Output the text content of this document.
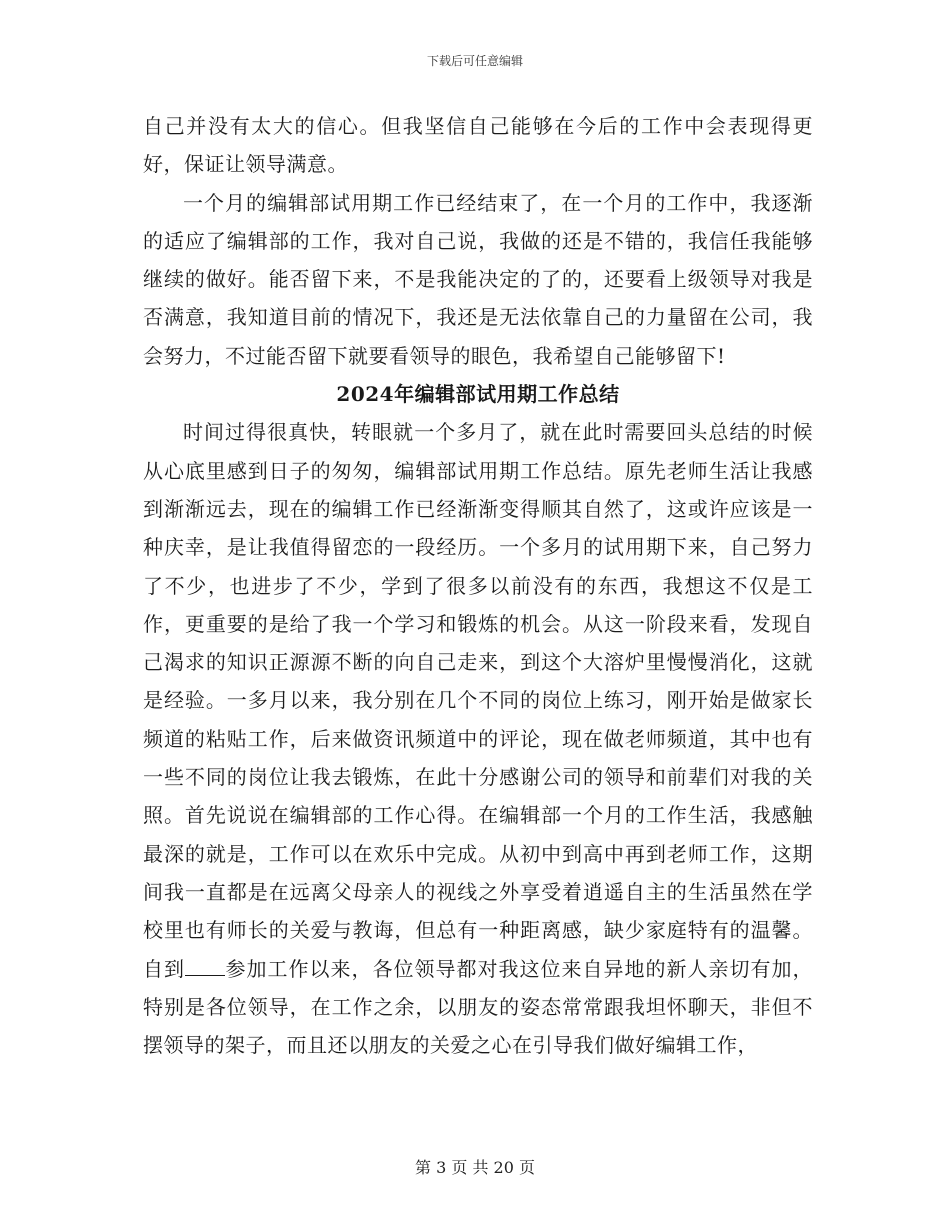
下载后可任意编辑

自己并没有太大的信心。但我坚信自己能够在今后的工作中会表现得更好，保证让领导满意。

一个月的编辑部试用期工作已经结束了，在一个月的工作中，我逐渐的适应了编辑部的工作，我对自己说，我做的还是不错的，我信任我能够继续的做好。能否留下来，不是我能决定的了的，还要看上级领导对我是否满意，我知道目前的情况下，我还是无法依靠自己的力量留在公司，我会努力，不过能否留下就要看领导的眼色，我希望自己能够留下!

2024年编辑部试用期工作总结

时间过得很真快，转眼就一个多月了，就在此时需要回头总结的时候从心底里感到日子的匆匆，编辑部试用期工作总结。原先老师生活让我感到渐渐远去，现在的编辑工作已经渐渐变得顺其自然了，这或许应该是一种庆幸，是让我值得留恋的一段经历。一个多月的试用期下来，自己努力了不少，也进步了不少，学到了很多以前没有的东西，我想这不仅是工作，更重要的是给了我一个学习和锻炼的机会。从这一阶段来看，发现自己渴求的知识正源源不断的向自己走来，到这个大溶炉里慢慢消化，这就是经验。一多月以来，我分别在几个不同的岗位上练习，刚开始是做家长频道的粘贴工作，后来做资讯频道中的评论，现在做老师频道，其中也有一些不同的岗位让我去锻炼，在此十分感谢公司的领导和前辈们对我的关照。首先说说在编辑部的工作心得。在编辑部一个月的工作生活，我感触最深的就是，工作可以在欢乐中完成。从初中到高中再到老师工作，这期间我一直都是在远离父母亲人的视线之外享受着逍遥自主的生活虽然在学校里也有师长的关爱与教诲，但总有一种距离感，缺少家庭特有的温馨。自到 参加工作以来，各位领导都对我这位来自异地的新人亲切有加，特别是各位领导，在工作之余，以朋友的姿态常常跟我坦怀聊天，非但不摆领导的架子，而且还以朋友的关爱之心在引导我们做好编辑工作，

第 3 页 共 20 页
